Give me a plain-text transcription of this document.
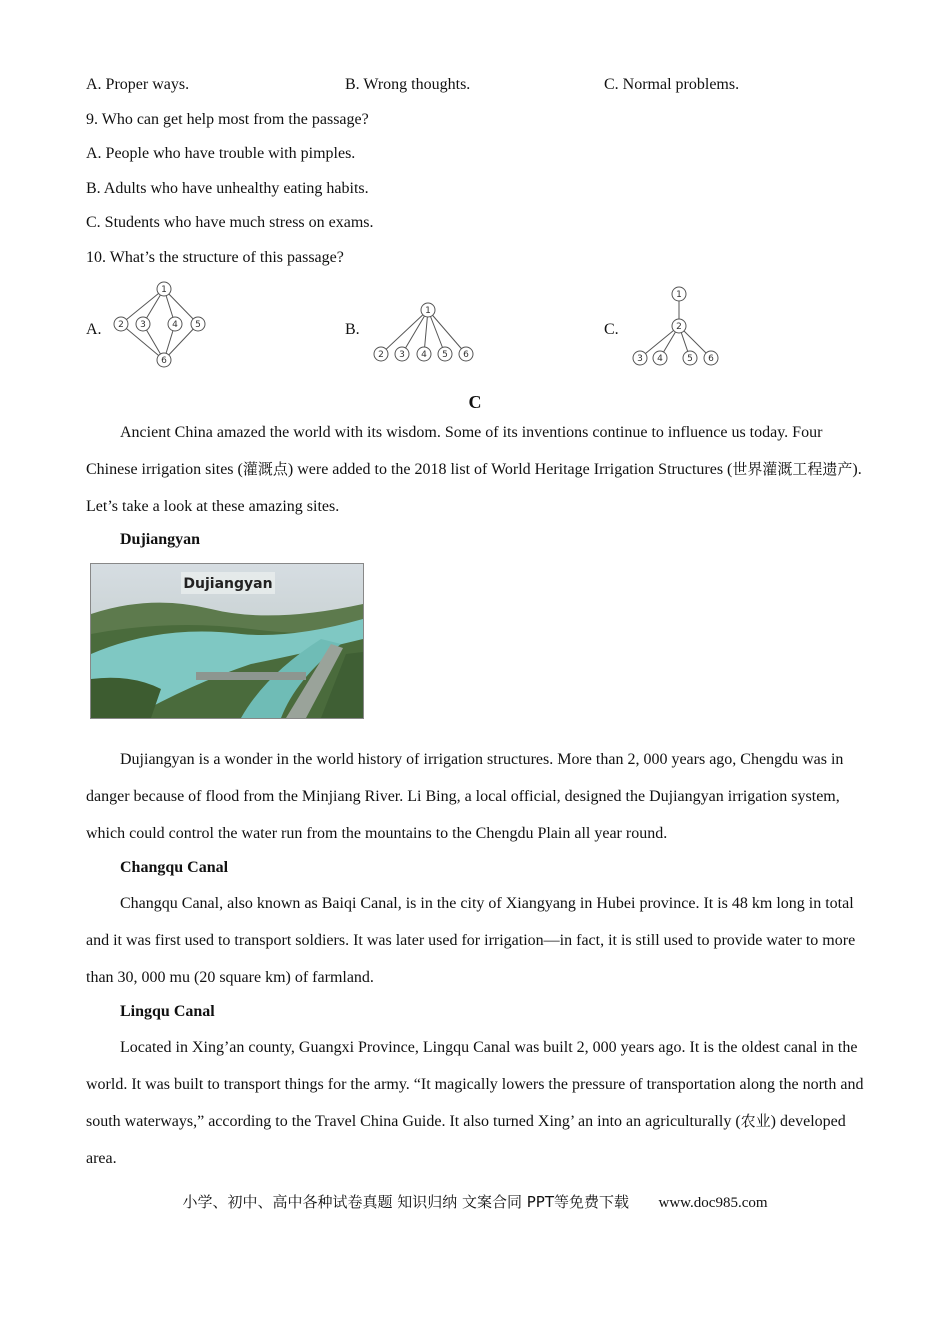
A. Proper ways.	B. Wrong thoughts.	C. Normal problems.
9. Who can get help most from the passage?
A. People who have trouble with pimples.
B. Adults who have unhealthy eating habits.
C. Students who have much stress on exams.
10. What’s the structure of this passage?
A.
1
2 3	4 5
6
B.
1
2 3 4 5 6
C.
1
2
3 4	5 6
C
Ancient China amazed the world with its wisdom. Some of its inventions continue to influence us today. Four Chinese irrigation sites (灌溉点) were added to the 2018 list of World Heritage Irrigation Structures (世界灌溉工程遗产). Let’s take a look at these amazing sites.
Dujiangyan
Dujiangyan
Dujiangyan is a wonder in the world history of irrigation structures. More than 2, 000 years ago, Chengdu was in danger because of flood from the Minjiang River. Li Bing, a local official, designed the Dujiangyan irrigation system, which could control the water run from the mountains to the Chengdu Plain all year round.
Changqu Canal
Changqu Canal, also known as Baiqi Canal, is in the city of Xiangyang in Hubei province. It is 48 km long in total and it was first used to transport soldiers. It was later used for irrigation—in fact, it is still used to provide water to more than 30, 000 mu (20 square km) of farmland.
Lingqu Canal
Located in Xing’an county, Guangxi Province, Lingqu Canal was built 2, 000 years ago. It is the oldest canal in the world. It was built to transport things for the army. “It magically lowers the pressure of transportation along the north and south waterways,” according to the Travel China Guide. It also turned Xing’ an into an agriculturally (农业) developed area.
小学、初中、高中各种试卷真题 知识归纳 文案合同 PPT等免费下载 www.doc985.com
